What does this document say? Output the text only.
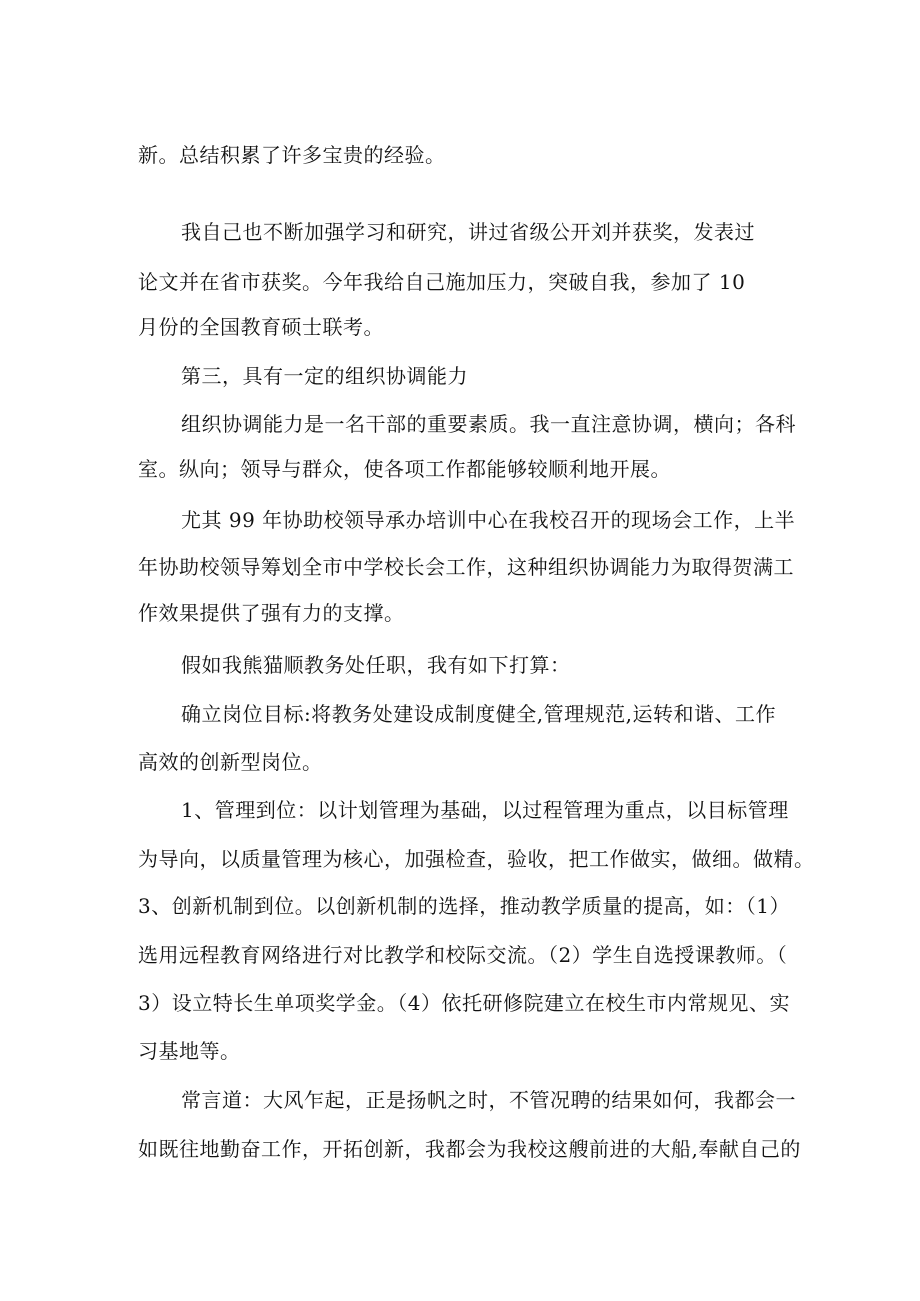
新。总结积累了许多宝贵的经验。
我自己也不断加强学习和研究，讲过省级公开刘并获奖，发表过
论文并在省市获奖。今年我给自己施加压力，突破自我，参加了 10
月份的全国教育硕士联考。
第三，具有一定的组织协调能力
组织协调能力是一名干部的重要素质。我一直注意协调，横向；各科
室。纵向；领导与群众，使各项工作都能够较顺利地开展。
尤其 99 年协助校领导承办培训中心在我校召开的现场会工作，上半
年协助校领导筹划全市中学校长会工作，这种组织协调能力为取得贺满工
作效果提供了强有力的支撑。
假如我熊猫顺教务处任职，我有如下打算：
确立岗位目标:将教务处建设成制度健全,管理规范,运转和谐、工作
高效的创新型岗位。
1、管理到位：以计划管理为基础，以过程管理为重点，以目标管理
为导向，以质量管理为核心，加强检查，验收，把工作做实，做细。做精。
3、创新机制到位。以创新机制的选择，推动教学质量的提高，如：（1）
选用远程教育网络进行对比教学和校际交流。（2）学生自选授课教师。（
3）设立特长生单项奖学金。（4）依托研修院建立在校生市内常规见、实
习基地等。
常言道：大风乍起，正是扬帆之时，不管况聘的结果如何，我都会一
如既往地勤奋工作，开拓创新，我都会为我校这艘前进的大船,奉献自己的
